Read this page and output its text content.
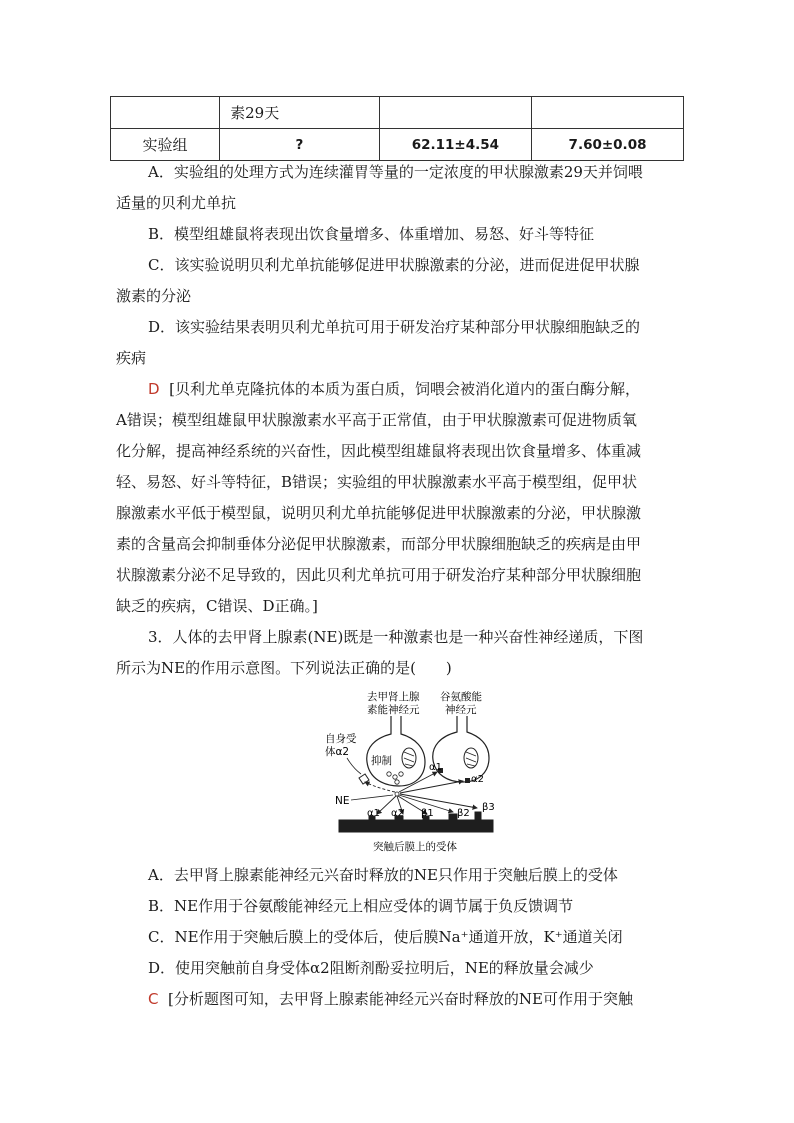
	素29天		
实验组	?	62.11±4.54	7.60±0.08
A．实验组的处理方式为连续灌胃等量的一定浓度的甲状腺激素29天并饲喂
适量的贝利尤单抗
B．模型组雄鼠将表现出饮食量增多、体重增加、易怒、好斗等特征
C．该实验说明贝利尤单抗能够促进甲状腺激素的分泌，进而促进促甲状腺
激素的分泌
D．该实验结果表明贝利尤单抗可用于研发治疗某种部分甲状腺细胞缺乏的
疾病
D [贝利尤单克隆抗体的本质为蛋白质，饲喂会被消化道内的蛋白酶分解，
A错误；模型组雄鼠甲状腺激素水平高于正常值，由于甲状腺激素可促进物质氧
化分解，提高神经系统的兴奋性，因此模型组雄鼠将表现出饮食量增多、体重减
轻、易怒、好斗等特征，B错误；实验组的甲状腺激素水平高于模型组，促甲状
腺激素水平低于模型鼠，说明贝利尤单抗能够促进甲状腺激素的分泌，甲状腺激
素的含量高会抑制垂体分泌促甲状腺激素，而部分甲状腺细胞缺乏的疾病是由甲
状腺激素分泌不足导致的，因此贝利尤单抗可用于研发治疗某种部分甲状腺细胞
缺乏的疾病，C错误、D正确。]
3．人体的去甲肾上腺素(NE)既是一种激素也是一种兴奋性神经递质，下图
所示为NE的作用示意图。下列说法正确的是(　　)
去甲肾上腺
素能神经元
谷氨酸能
神经元
抑制
自身受
体α2
α1
α2
NE
α1 α2 β1 β2
β3
突触后膜上的受体
A．去甲肾上腺素能神经元兴奋时释放的NE只作用于突触后膜上的受体
B．NE作用于谷氨酸能神经元上相应受体的调节属于负反馈调节
C．NE作用于突触后膜上的受体后，使后膜Na⁺通道开放，K⁺通道关闭
D．使用突触前自身受体α2阻断剂酚妥拉明后，NE的释放量会减少
C [分析题图可知，去甲肾上腺素能神经元兴奋时释放的NE可作用于突触
